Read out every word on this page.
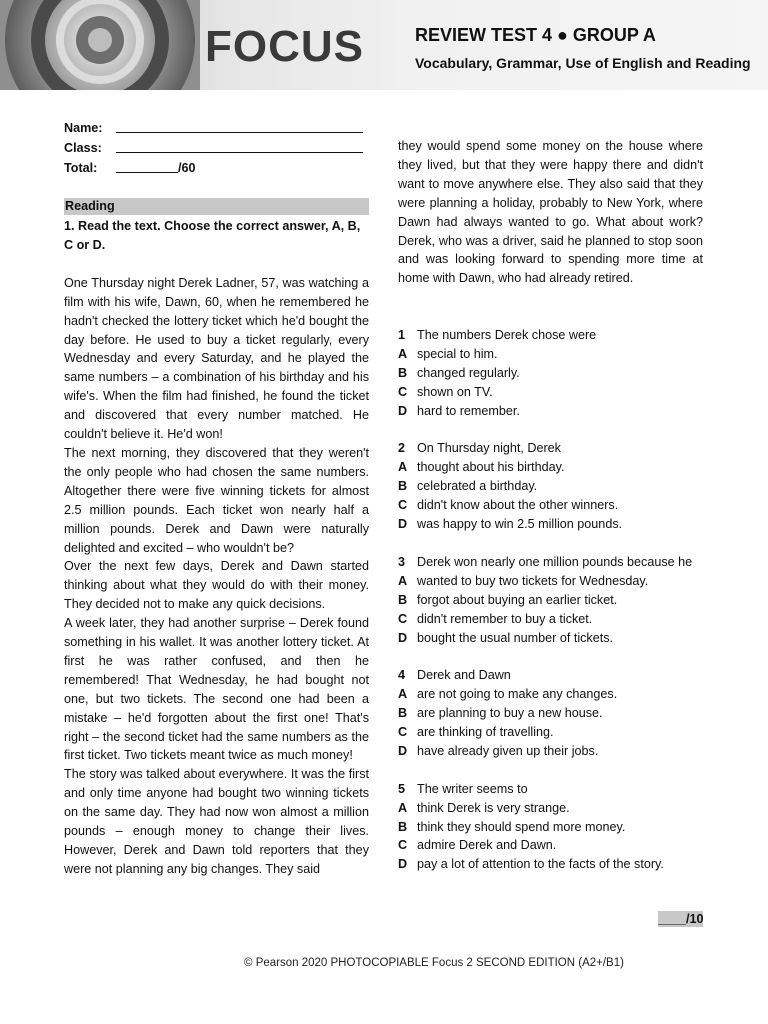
FOCUS	REVIEW TEST 4 ● GROUP A
Vocabulary, Grammar, Use of English and Reading
Name:
Class:
Total:	/60
Reading
1. Read the text. Choose the correct answer, A, B, C or D.

One Thursday night Derek Ladner, 57, was watching a film with his wife, Dawn, 60, when he remembered he hadn't checked the lottery ticket which he'd bought the day before. He used to buy a ticket regularly, every Wednesday and every Saturday, and he played the same numbers – a combination of his birthday and his wife's. When the film had finished, he found the ticket and discovered that every number matched. He couldn't believe it. He'd won!

The next morning, they discovered that they weren't the only people who had chosen the same numbers. Altogether there were five winning tickets for almost 2.5 million pounds. Each ticket won nearly half a million pounds. Derek and Dawn were naturally delighted and excited – who wouldn't be?

Over the next few days, Derek and Dawn started thinking about what they would do with their money. They decided not to make any quick decisions.

A week later, they had another surprise – Derek found something in his wallet. It was another lottery ticket. At first he was rather confused, and then he remembered! That Wednesday, he had bought not one, but two tickets. The second one had been a mistake – he'd forgotten about the first one! That's right – the second ticket had the same numbers as the first ticket. Two tickets meant twice as much money!

The story was talked about everywhere. It was the first and only time anyone had bought two winning tickets on the same day. They had now won almost a million pounds – enough money to change their lives. However, Derek and Dawn told reporters that they were not planning any big changes. They said

they would spend some money on the house where they lived, but that they were happy there and didn't want to move anywhere else. They also said that they were planning a holiday, probably to New York, where Dawn had always wanted to go. What about work? Derek, who was a driver, said he planned to stop soon and was looking forward to spending more time at home with Dawn, who had already retired.

1 The numbers Derek chose were
A special to him.
B changed regularly.
C shown on TV.
D hard to remember.
2 On Thursday night, Derek
A thought about his birthday.
B celebrated a birthday.
C didn't know about the other winners.
D was happy to win 2.5 million pounds.
3 Derek won nearly one million pounds because he
A wanted to buy two tickets for Wednesday.
B forgot about buying an earlier ticket.
C didn't remember to buy a ticket.
D bought the usual number of tickets.
4 Derek and Dawn
A are not going to make any changes.
B are planning to buy a new house.
C are thinking of travelling.
D have already given up their jobs.
5 The writer seems to
A think Derek is very strange.
B think they should spend more money.
C admire Derek and Dawn.
D pay a lot of attention to the facts of the story.
____/10
© Pearson 2020 PHOTOCOPIABLE Focus 2 SECOND EDITION (A2+/B1)
